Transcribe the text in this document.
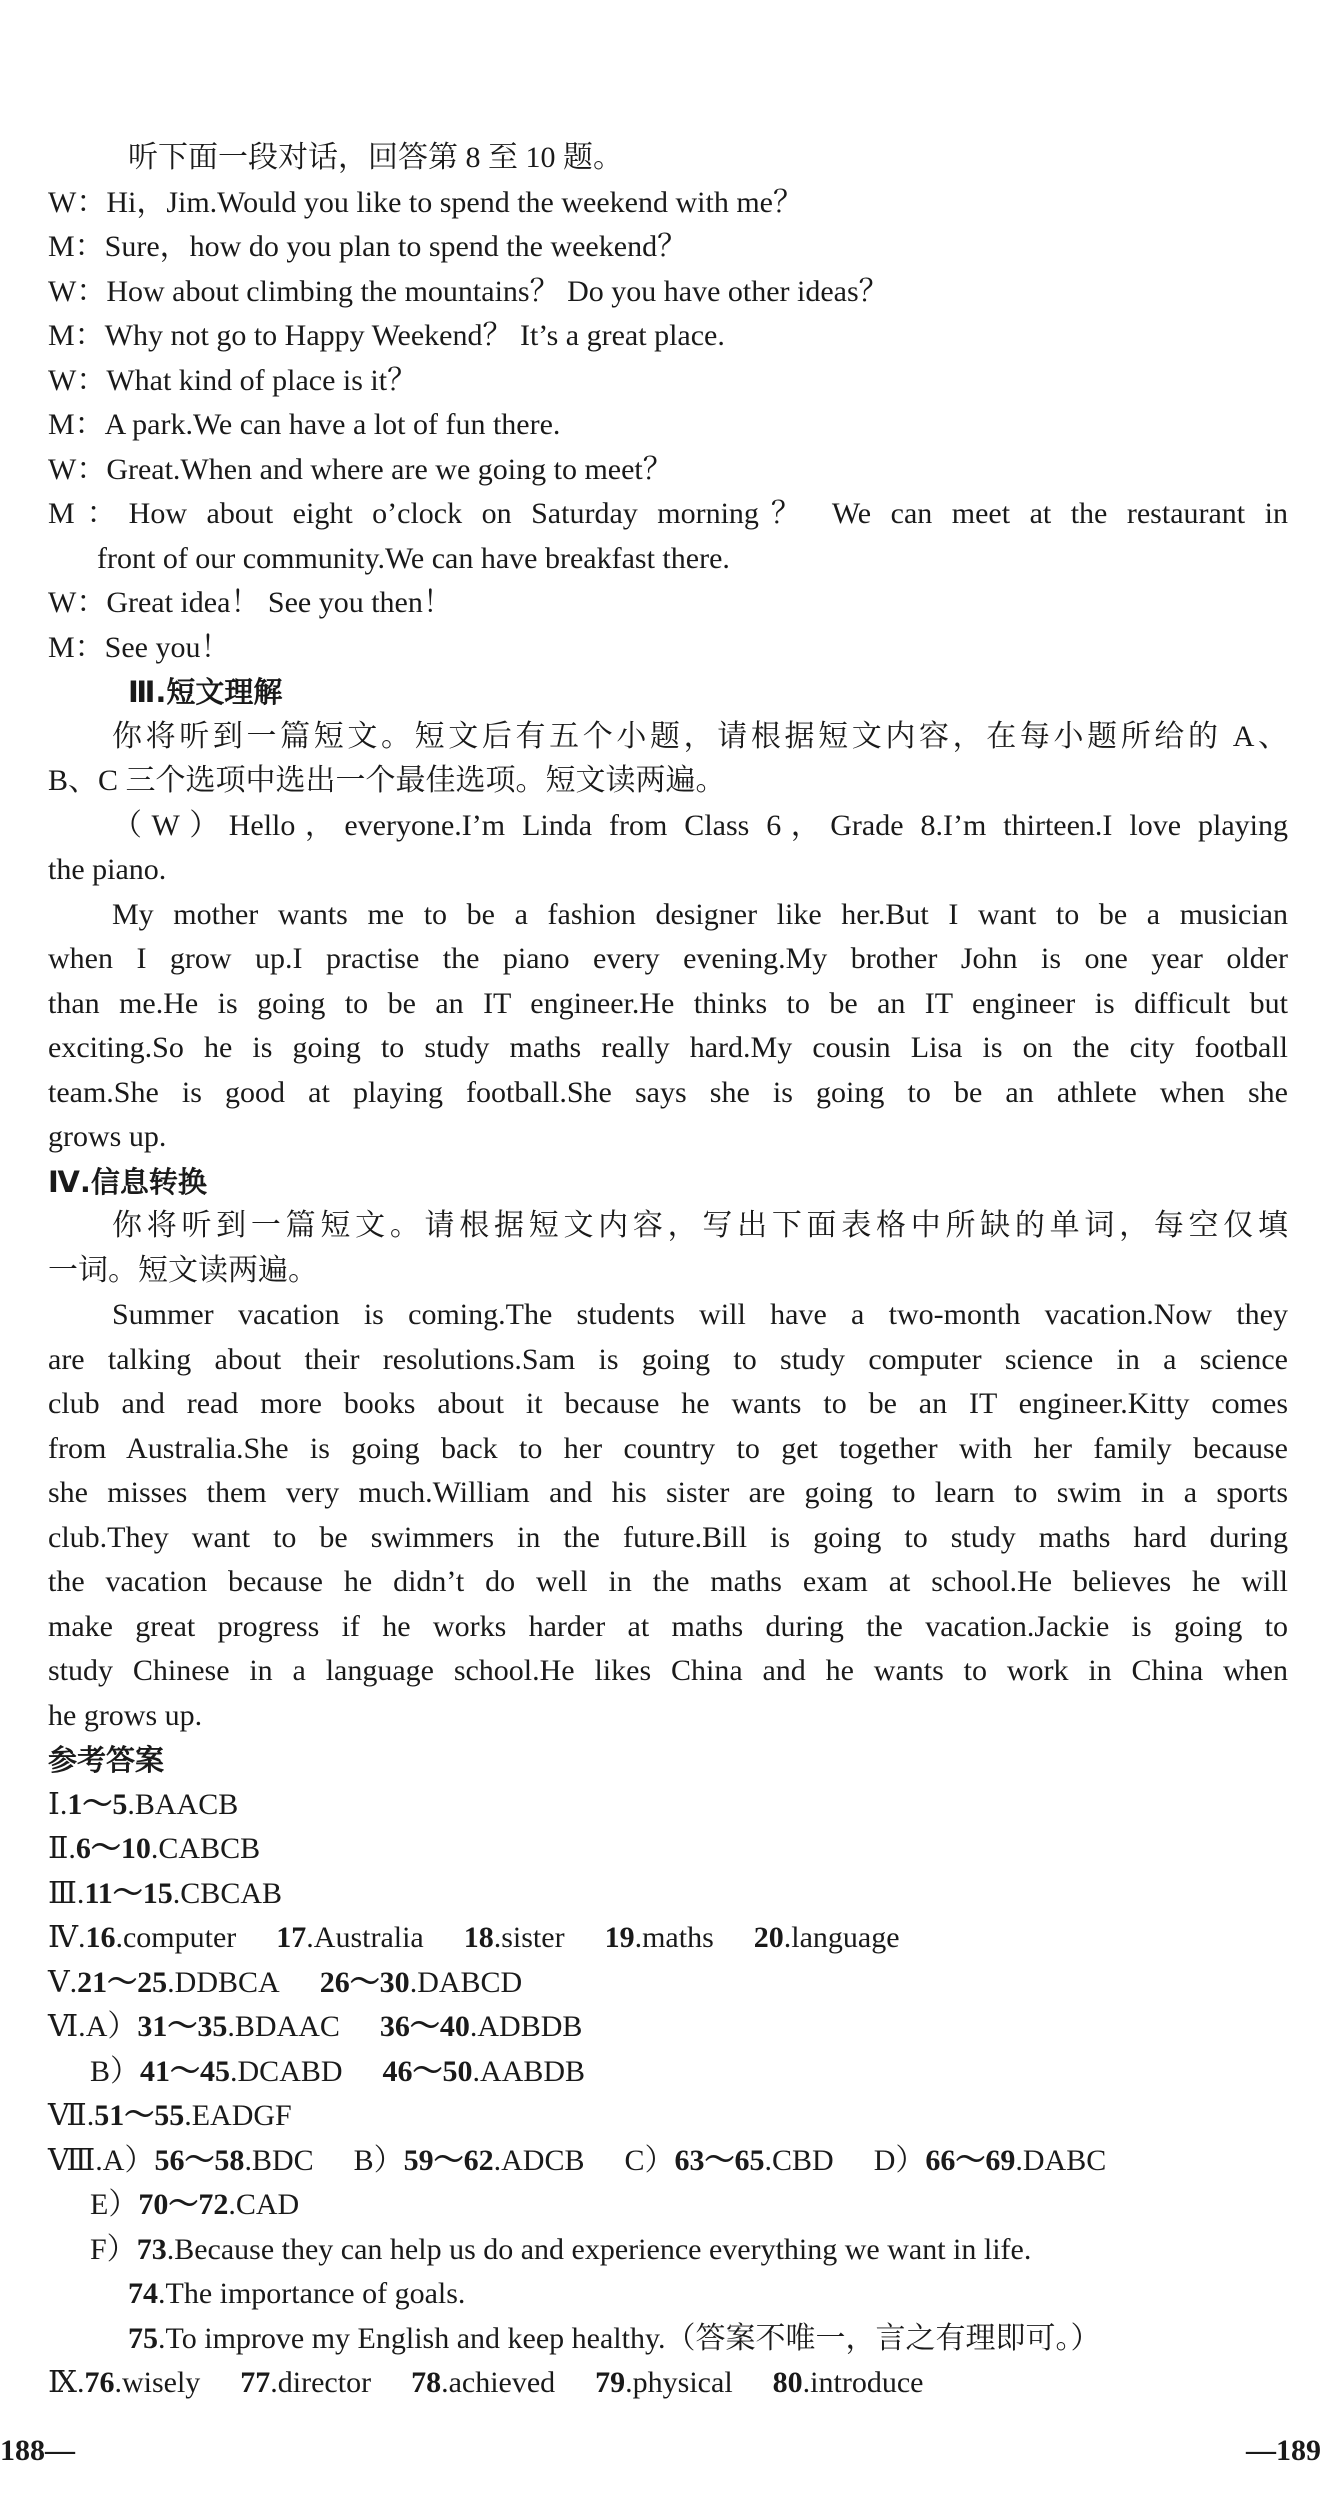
听下面一段对话，回答第 8 至 10 题。
W：Hi，Jim.Would you like to spend the weekend with me？
M：Sure，how do you plan to spend the weekend？
W：How about climbing the mountains？ Do you have other ideas？
M：Why not go to Happy Weekend？ It’s a great place.
W：What kind of place is it？
M：A park.We can have a lot of fun there.
W：Great.When and where are we going to meet？
M：How about eight o’clock on Saturday morning？ We can meet at the restaurant in
front of our community.We can have breakfast there.
W：Great idea！ See you then！
M：See you！
Ⅲ.短文理解
你将听到一篇短文。短文后有五个小题，请根据短文内容，在每小题所给的 A、
B、C 三个选项中选出一个最佳选项。短文读两遍。
（W）Hello，everyone.I’m Linda from Class 6，Grade 8.I’m thirteen.I love playing
the piano.
My mother wants me to be a fashion designer like her.But I want to be a musician
when I grow up.I practise the piano every evening.My brother John is one year older
than me.He is going to be an IT engineer.He thinks to be an IT engineer is difficult but
exciting.So he is going to study maths really hard.My cousin Lisa is on the city football
team.She is good at playing football.She says she is going to be an athlete when she
grows up.
Ⅳ.信息转换
你将听到一篇短文。请根据短文内容，写出下面表格中所缺的单词，每空仅填
一词。短文读两遍。
Summer vacation is coming.The students will have a two-month vacation.Now they
are talking about their resolutions.Sam is going to study computer science in a science
club and read more books about it because he wants to be an IT engineer.Kitty comes
from Australia.She is going back to her country to get together with her family because
she misses them very much.William and his sister are going to learn to swim in a sports
club.They want to be swimmers in the future.Bill is going to study maths hard during
the vacation because he didn’t do well in the maths exam at school.He believes he will
make great progress if he works harder at maths during the vacation.Jackie is going to
study Chinese in a language school.He likes China and he wants to work in China when
he grows up.
参考答案
Ⅰ.1～5.BAACB
Ⅱ.6～10.CABCB
Ⅲ.11～15.CBCAB
Ⅳ.16.computer 17.Australia 18.sister 19.maths 20.language
Ⅴ.21～25.DDBCA 26～30.DABCD
Ⅵ.A）31～35.BDAAC 36～40.ADBDB
B）41～45.DCABD 46～50.AABDB
Ⅶ.51～55.EADGF
Ⅷ.A）56～58.BDC B）59～62.ADCB C）63～65.CBD D）66～69.DABC
E）70～72.CAD
F）73.Because they can help us do and experience everything we want in life.
74.The importance of goals.
75.To improve my English and keep healthy.（答案不唯一，言之有理即可。）
Ⅸ.76.wisely 77.director 78.achieved 79.physical 80.introduce
188—	—189
